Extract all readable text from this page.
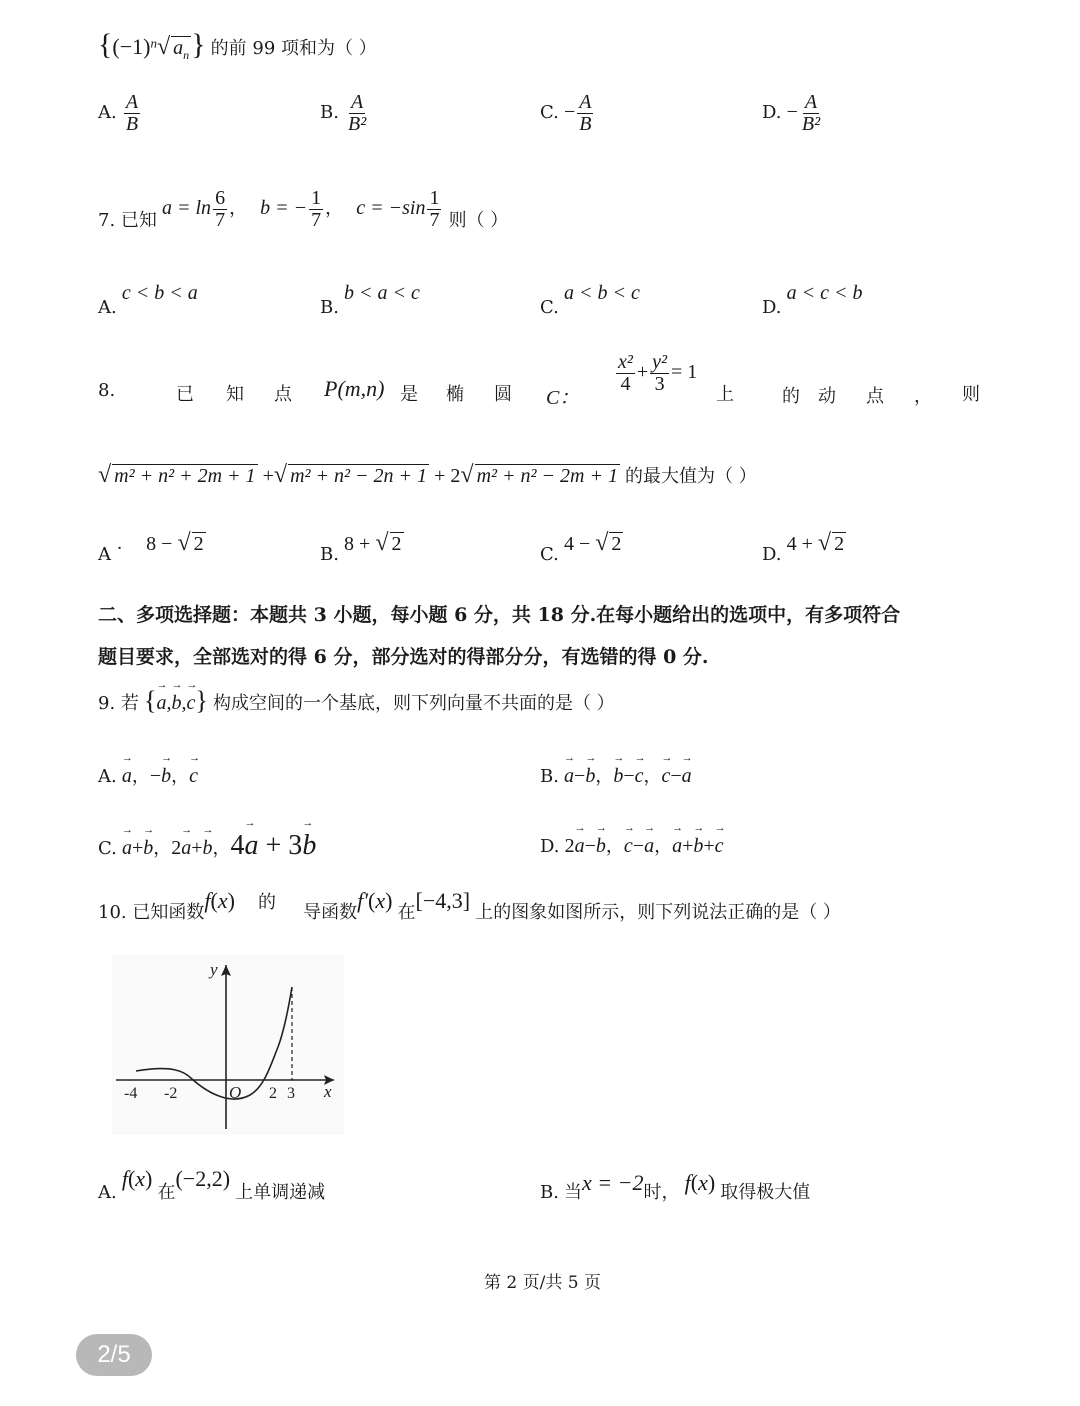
{$(-1)^n√$ $a_n$} 的前 99 项和为（ ）
A. $\frac{A}{B}$	B. $\frac{A}{\text{B²}}$	C. − $\frac{A}{B}$	D. − $\frac{A}{\text{B²}}$
7. 已知 $a = \ln \frac{6}{7}$ ， b = − $\frac{1}{7}$ ， $c = -\sin \frac{1}{7}$ 则（ ）
A. c < b < a
B. b < a < c
C. a < b < c
D. a < c < b
8.	已 知 点 P(m,n) 是 椭 圆 C：
$\frac{\text{x²}}{4} + \frac{\text{y²}}{3} = 1$
上	的 动 点 ， 则
√ m² + n² + 2m + 1 +√ m² + n² − 2n + 1 + 2√ m² + n² − 2m + 1 的最大值为（ ）
A · 8 − √ 2	B. 8 + √ 2	C. 4 − √ 2	D. 4 + √ 2
二、多项选择题：本题共 3 小题，每小题 6 分，共 18 分.在每小题给出的选项中，有多项符合
题目要求，全部选对的得 6 分，部分选对的得部分分，有选错的得 0 分.
9. 若 {→ a,→ b,→ c} 构成空间的一个基底，则下列向量不共面的是（ ）
A. → a，−→ b，→ c	B. → a−→ b，→ b−→ c，→ c−→ a
C. → a+→ b，2→ a+→ b，4→ a + 3→ b	D. 2→ a−→ b，→ c−→ a，→ a+→ b+→ c
10. 已知函数f(x) 的 导函数f′(x) 在[−4,3] 上的图象如图所示，则下列说法正确的是（ ）
y
x
O
-4 -2	2 3
A. f(x) 在(−2,2) 上单调递减	B. 当x = −2时， f(x) 取得极大值
第 2 页/共 5 页
2/5
